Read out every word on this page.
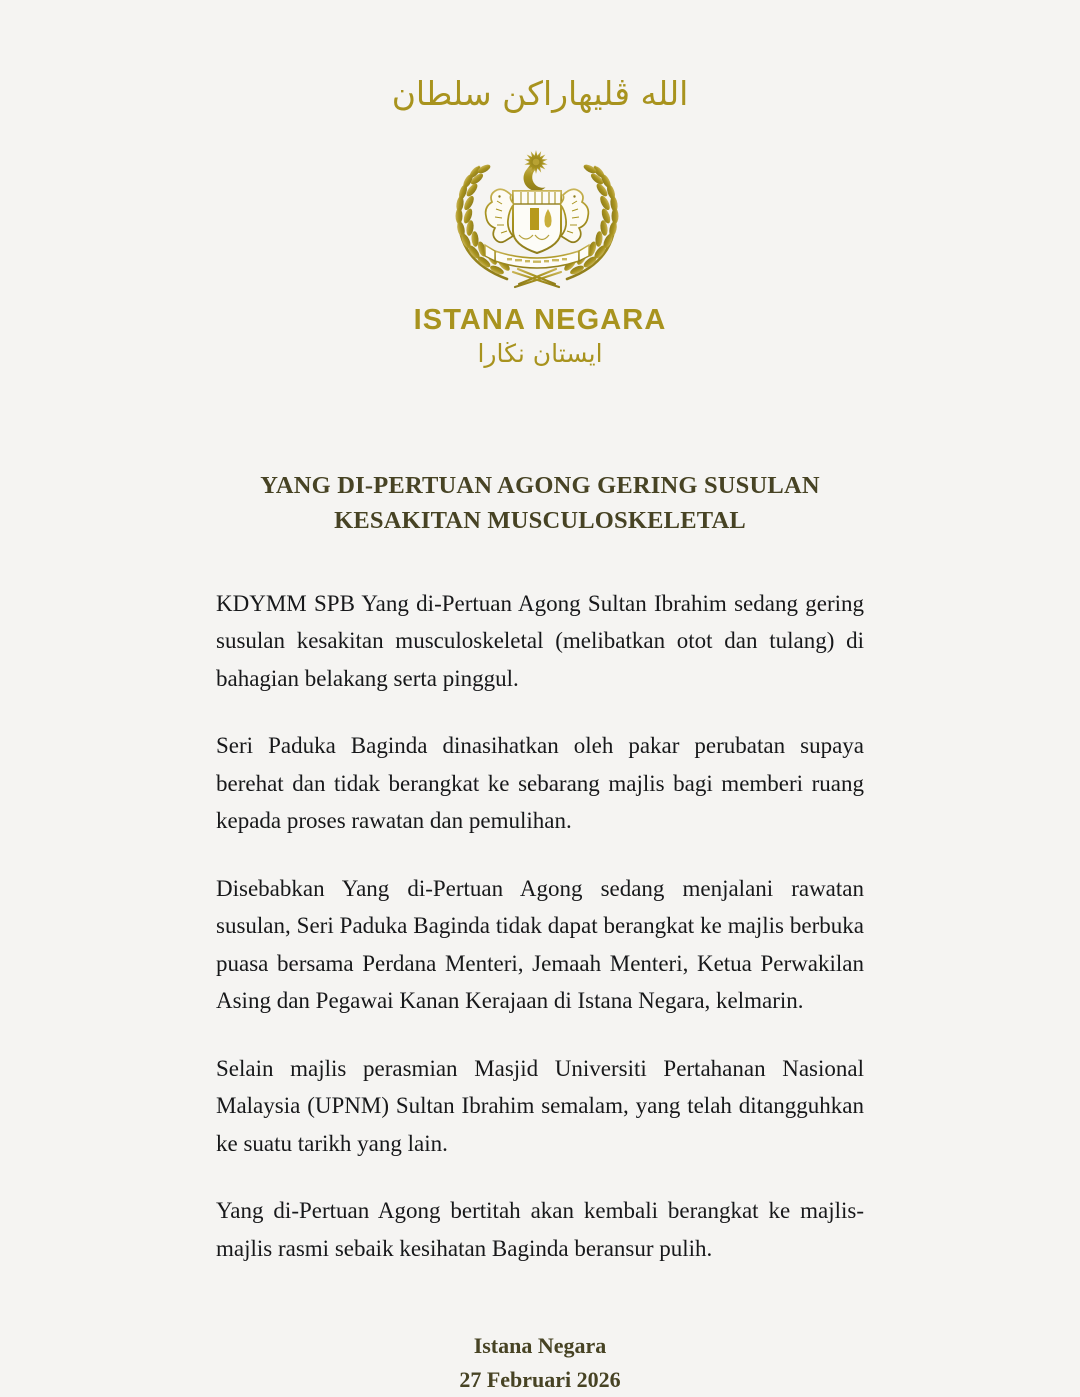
الله ڤليهاراكن سلطان
ISTANA NEGARA
ايستان نڬارا
YANG DI-PERTUAN AGONG GERING SUSULAN
KESAKITAN MUSCULOSKELETAL

KDYMM SPB Yang di-Pertuan Agong Sultan Ibrahim sedang gering susulan kesakitan musculoskeletal (melibatkan otot dan tulang) di bahagian belakang serta pinggul.

Seri Paduka Baginda dinasihatkan oleh pakar perubatan supaya berehat dan tidak berangkat ke sebarang majlis bagi memberi ruang kepada proses rawatan dan pemulihan.

Disebabkan Yang di-Pertuan Agong sedang menjalani rawatan susulan, Seri Paduka Baginda tidak dapat berangkat ke majlis berbuka puasa bersama Perdana Menteri, Jemaah Menteri, Ketua Perwakilan Asing dan Pegawai Kanan Kerajaan di Istana Negara, kelmarin.

Selain majlis perasmian Masjid Universiti Pertahanan Nasional Malaysia (UPNM) Sultan Ibrahim semalam, yang telah ditangguhkan ke suatu tarikh yang lain.

Yang di-Pertuan Agong bertitah akan kembali berangkat ke majlis-majlis rasmi sebaik kesihatan Baginda beransur pulih.

Istana Negara
27 Februari 2026
